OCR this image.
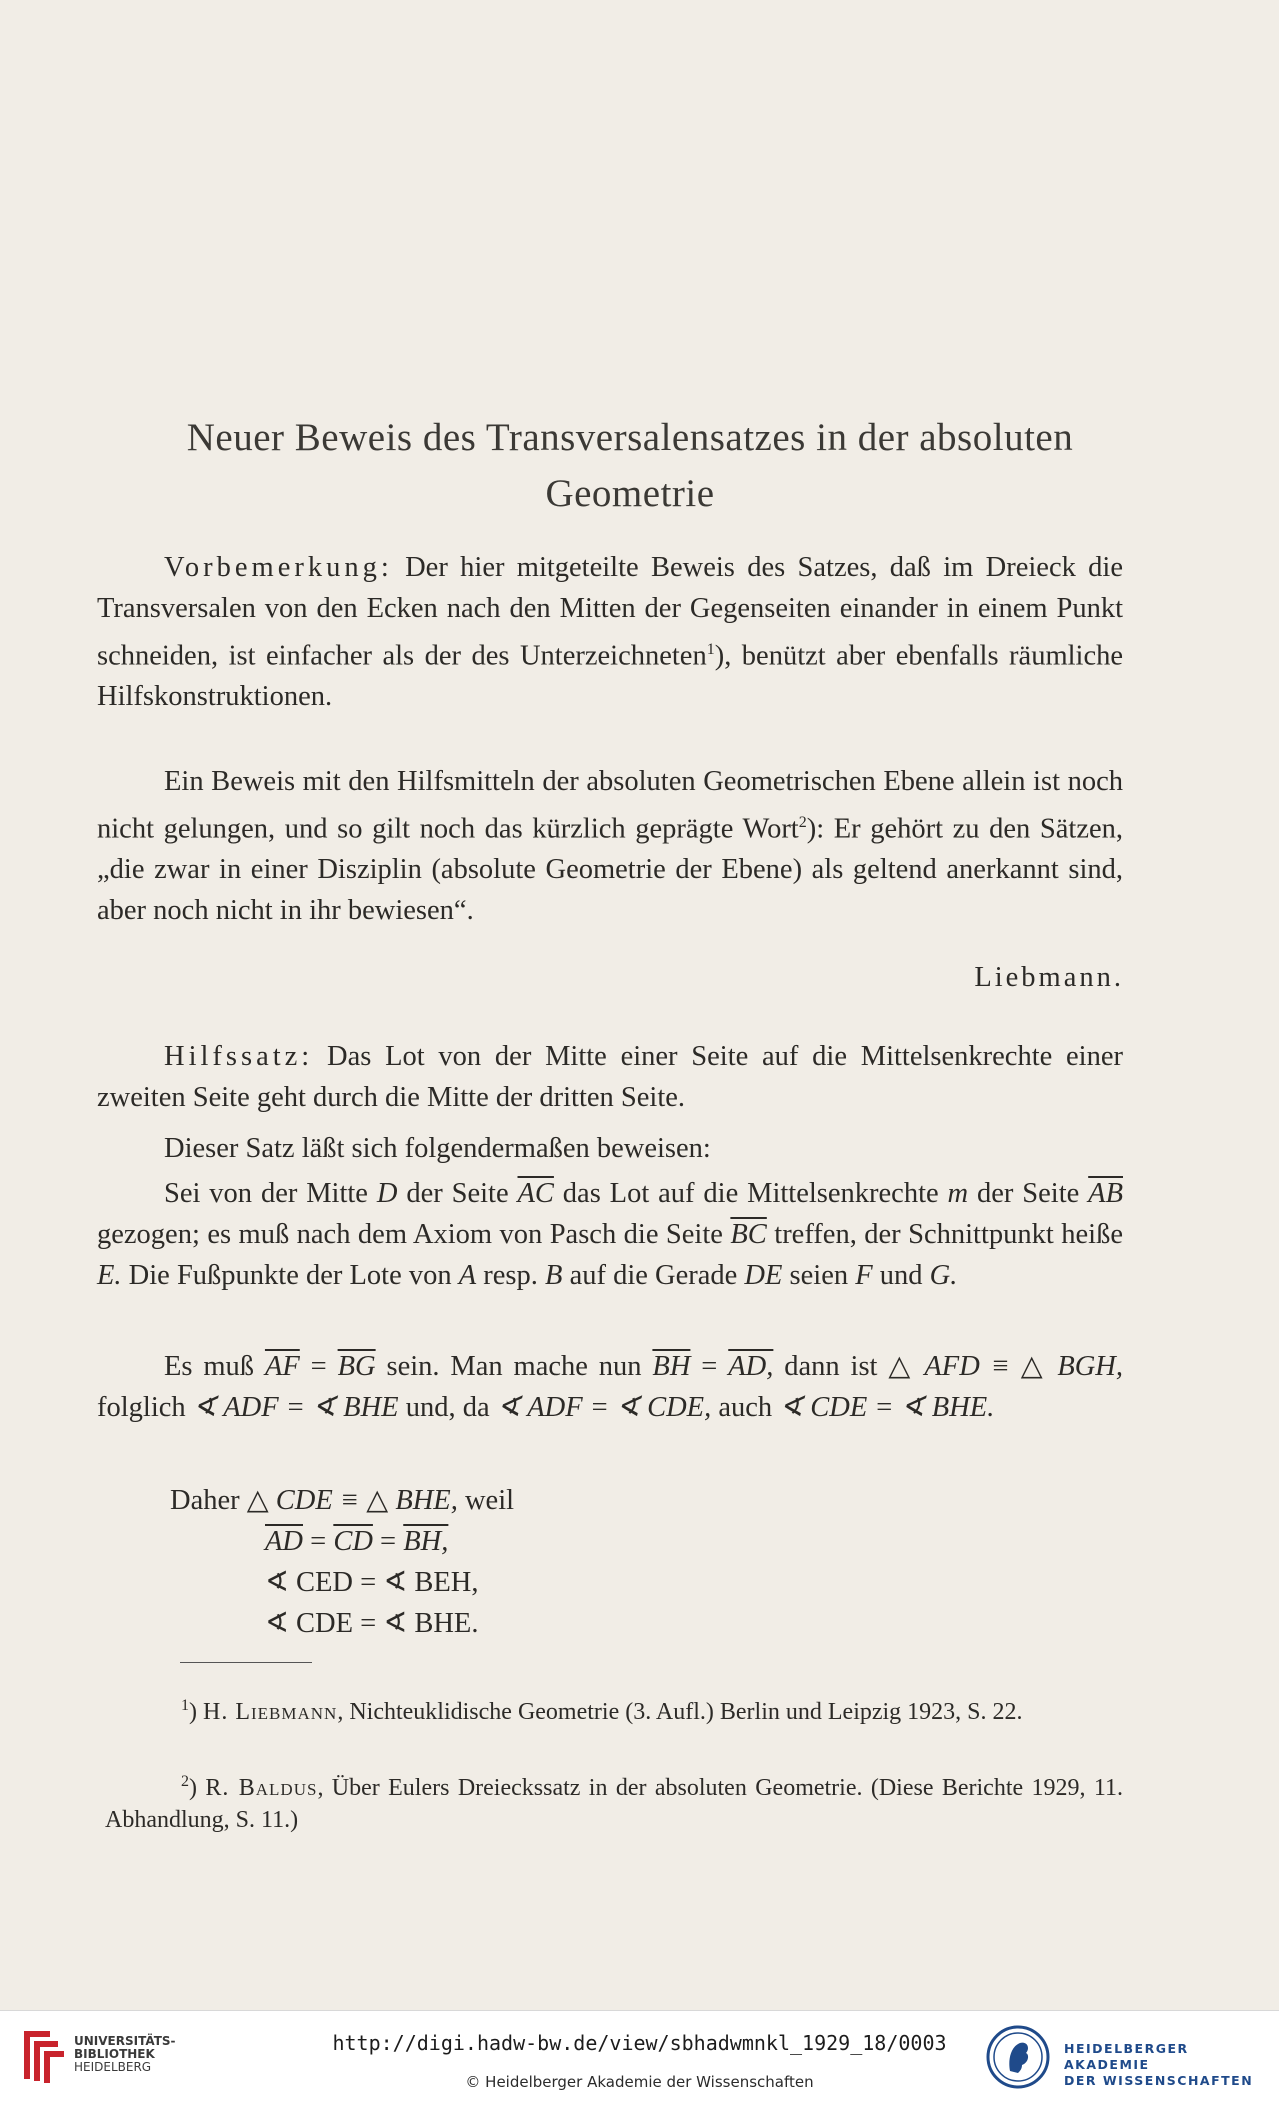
Neuer Beweis des Transversalensatzes in der absoluten
Geometrie
Vorbemerkung: Der hier mitgeteilte Beweis des Satzes, daß im Dreieck die Transversalen von den Ecken nach den Mitten der Gegenseiten einander in einem Punkt schneiden, ist einfacher als der des Unterzeichneten$^1$), benützt aber ebenfalls räumliche Hilfskonstruktionen.
Ein Beweis mit den Hilfsmitteln der absoluten Geometrischen Ebene allein ist noch nicht gelungen, und so gilt noch das kürzlich geprägte Wort$^2$): Er gehört zu den Sätzen, „die zwar in einer Disziplin (absolute Geometrie der Ebene) als geltend anerkannt sind, aber noch nicht in ihr bewiesen“.
Liebmann.
Hilfssatz: Das Lot von der Mitte einer Seite auf die Mittelsenkrechte einer zweiten Seite geht durch die Mitte der dritten Seite.
Dieser Satz läßt sich folgendermaßen beweisen:
Sei von der Mitte D der Seite $\overline{AC}$ das Lot auf die Mittelsenkrechte m der Seite $\overline{AB}$ gezogen; es muß nach dem Axiom von Pasch die Seite $\overline{BC}$ treffen, der Schnittpunkt heiße E. Die Fußpunkte der Lote von A resp. B auf die Gerade DE seien F und G.
Es muß $\overline{AF} = \overline{BG}$ sein. Man mache nun $\overline{BH}$ = AD, dann ist △ AFD ≡ △ BGH, folglich ∢ ADF = ∢ BHE und, da ∢ ADF = ∢ CDE, auch ∢ CDE = ∢ BHE.
Daher △ CDE ≡ △ BHE, weil
$\overline{AD} = \overline{CD}$ = BH,
∢ CED = ∢ BEH,
∢ CDE = ∢ BHE.
$^1$) H. Liebmann, Nichteuklidische Geometrie (3. Aufl.) Berlin und Leipzig 1923, S. 22.
$^2$) R. Baldus, Über Eulers Dreieckssatz in der absoluten Geometrie. (Diese Berichte 1929, 11. Abhandlung, S. 11.)
UNIVERSITÄTS-
BIBLIOTHEK
HEIDELBERG
http://digi.hadw-bw.de/view/sbhadwmnkl_1929_18/0003
© Heidelberger Akademie der Wissenschaften
HEIDELBERGER AKADEMIE
DER WISSENSCHAFTEN
